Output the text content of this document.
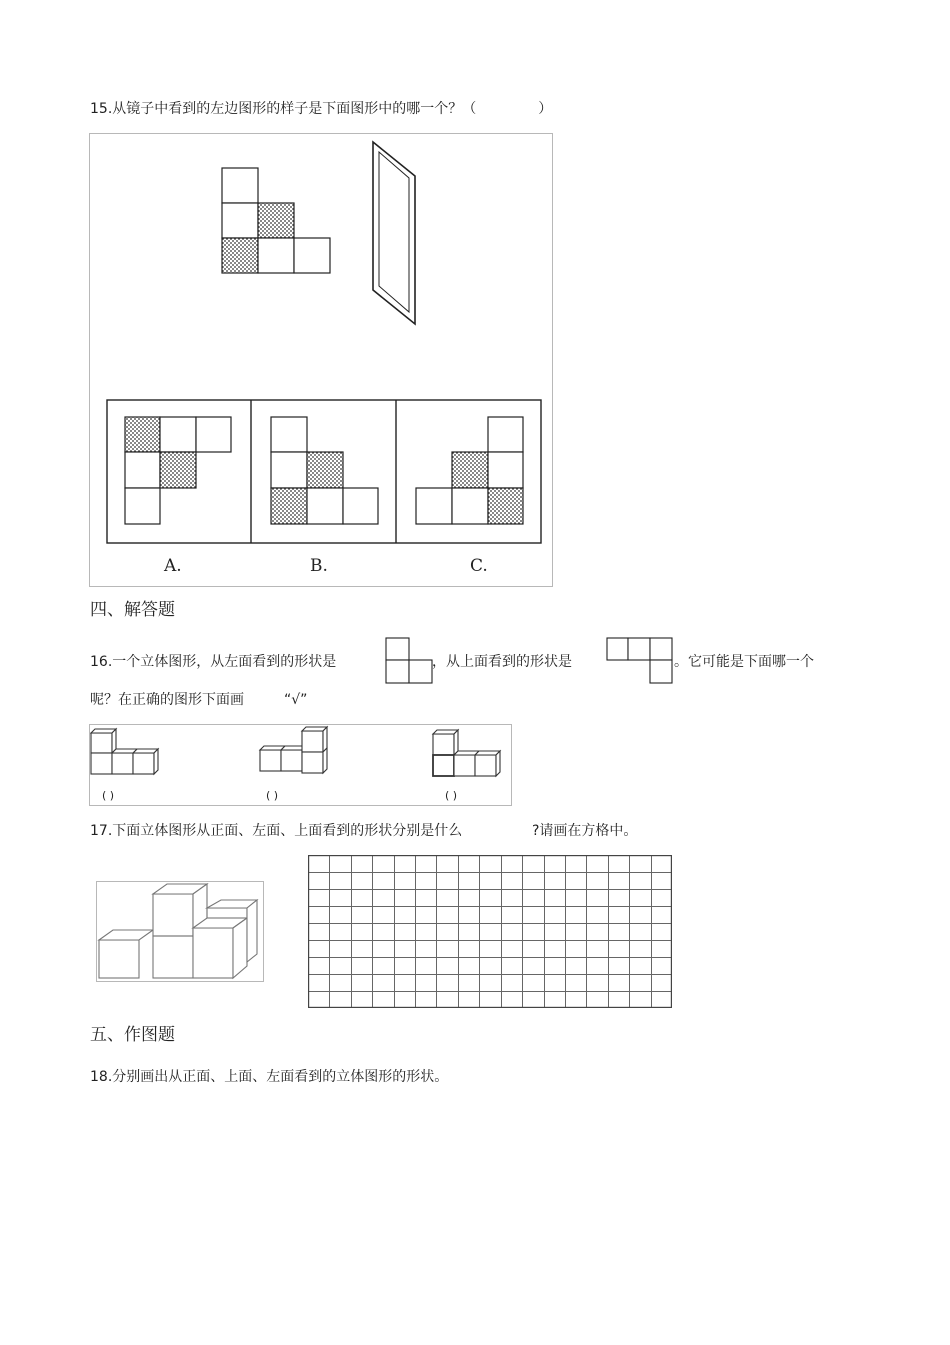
15.从镜子中看到的左边图形的样子是下面图形中的哪一个？（	）
A.	B.	C.
四、解答题
16.一个立体图形，从左面看到的形状是	，从上面看到的形状是	。它可能是下面哪一个
呢？在正确的图形下面画	“√”
( )	( )	( )
17.下面立体图形从正面、左面、上面看到的形状分别是什么	?请画在方格中。
五、作图题
18.分别画出从正面、上面、左面看到的立体图形的形状。
